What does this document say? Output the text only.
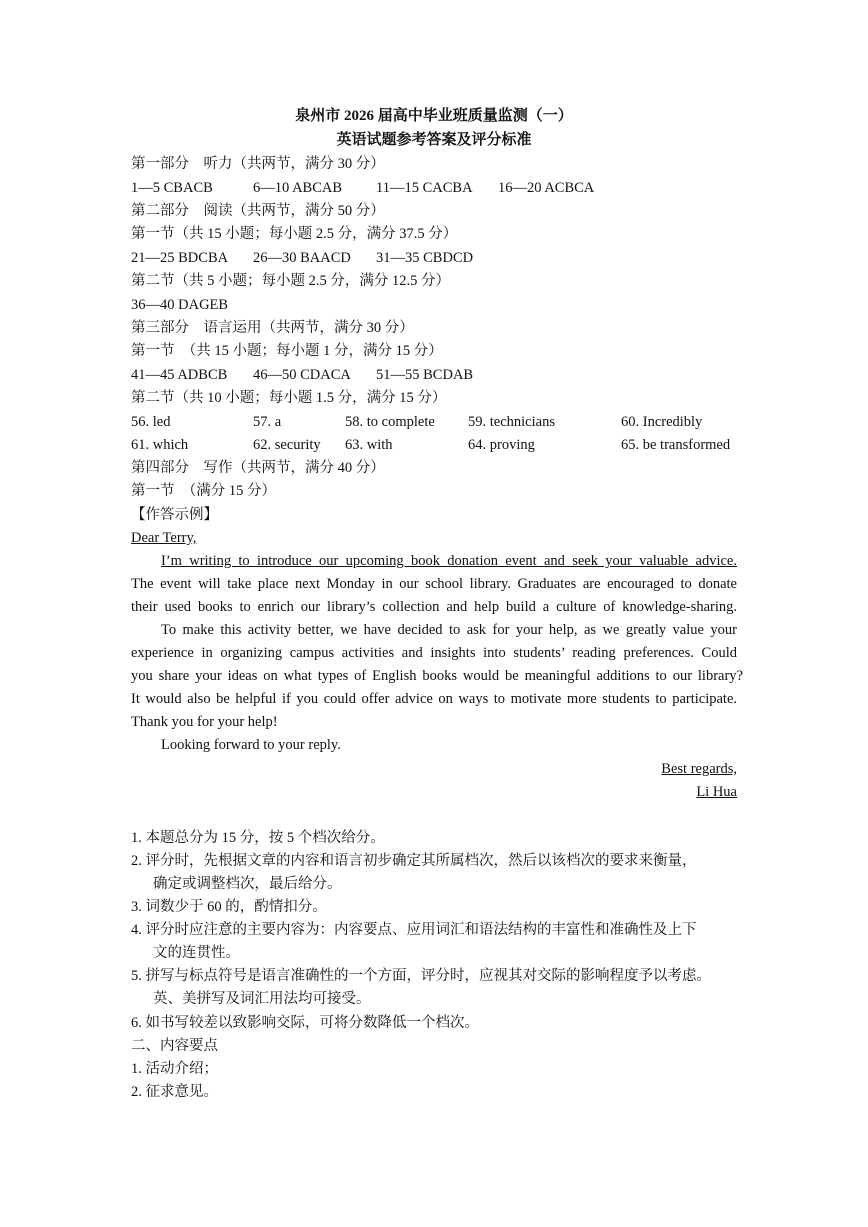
泉州市 2026 届高中毕业班质量监测（一）
英语试题参考答案及评分标准
第一部分　听力（共两节，满分 30 分）
1—5 CBACB	6—10 ABCAB 11—15 CACBA 16—20 ACBCA
第二部分　阅读（共两节，满分 50 分）
第一节（共 15 小题；每小题 2.5 分，满分 37.5 分）
21—25 BDCBA 26—30 BAACD 31—35 CBDCD
第二节（共 5 小题；每小题 2.5 分，满分 12.5 分）
36—40 DAGEB
第三部分　语言运用（共两节，满分 30 分）
第一节　（共 15 小题；每小题 1 分，满分 15 分）
41—45 ADBCB 46—50 CDACA 51—55 BCDAB
第二节（共 10 小题；每小题 1.5 分，满分 15 分）
56. led	57. a	58. to complete 59. technicians	60. Incredibly
61. which	62. security 63. with	64. proving	65. be transformed
第四部分　写作（共两节，满分 40 分）
第一节　（满分 15 分）
【作答示例】
Dear Terry,
I’m writing to introduce our upcoming book donation event and seek your valuable advice.
The event will take place next Monday in our school library. Graduates are encouraged to donate
their used books to enrich our library’s collection and help build a culture of knowledge-sharing.
To make this activity better, we have decided to ask for your help, as we greatly value your
experience in organizing campus activities and insights into students’ reading preferences. Could
you share your ideas on what types of English books would be meaningful additions to our library?
It would also be helpful if you could offer advice on ways to motivate more students to participate.
Thank you for your help!
Looking forward to your reply.
Best regards,
Li Hua
1. 本题总分为 15 分，按 5 个档次给分。
2. 评分时，先根据文章的内容和语言初步确定其所属档次，然后以该档次的要求来衡量，
确定或调整档次，最后给分。
3. 词数少于 60 的，酌情扣分。
4. 评分时应注意的主要内容为：内容要点、应用词汇和语法结构的丰富性和准确性及上下
文的连贯性。
5. 拼写与标点符号是语言准确性的一个方面，评分时，应视其对交际的影响程度予以考虑。
英、美拼写及词汇用法均可接受。
6. 如书写较差以致影响交际，可将分数降低一个档次。
二、内容要点
1. 活动介绍；
2. 征求意见。
